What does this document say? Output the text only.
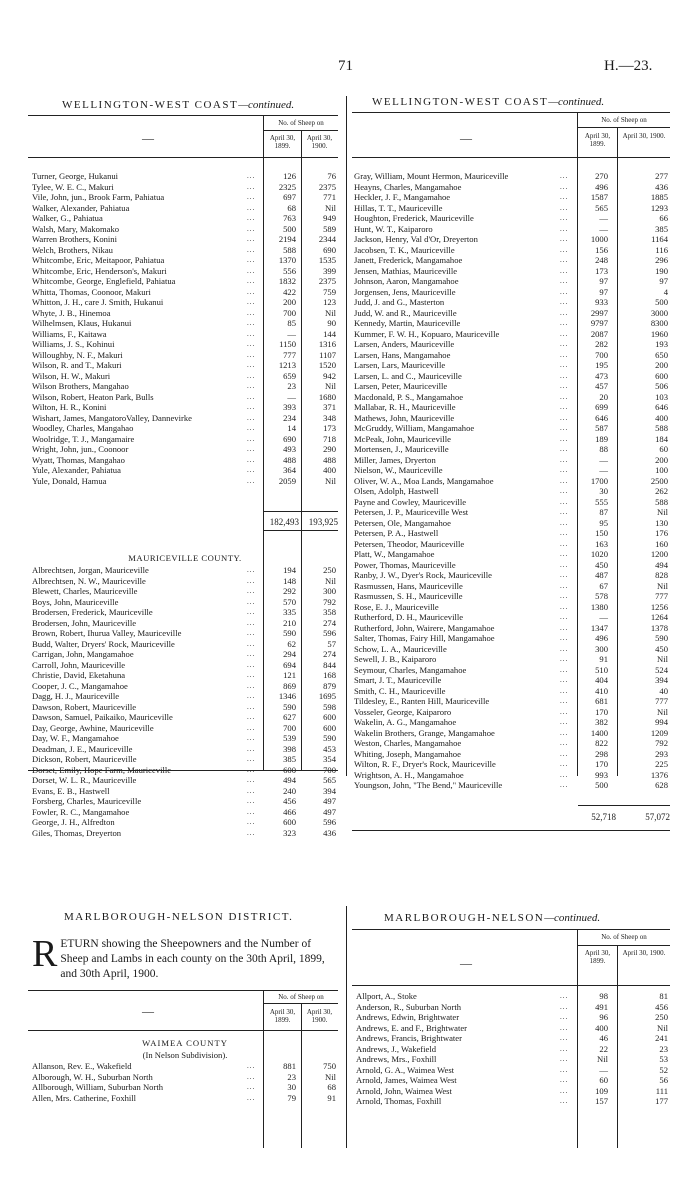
71	H.—23.
WELLINGTON-WEST COAST—continued.
No. of Sheep on
April 30, 1899.
April 30, 1900.
—
Turner, George, Hukanui	...	126	76
Tylee, W. E. C., Makuri	...	2325	2375
Vile, John, jun., Brook Farm, Pahiatua	...	697	771
Walker, Alexander, Pahiatua	...	68	Nil
Walker, G., Pahiatua	...	763	949
Walsh, Mary, Makomako	...	500	589
Warren Brothers, Konini	...	2194	2344
Welch, Brothers, Nikau	...	588	690
Whitcombe, Eric, Meitapoor, Pahiatua	...	1370	1535
Whitcombe, Eric, Henderson's, Makuri	...	556	399
Whitcombe, George, Englefield, Pahiatua	...	1832	2375
Whitta, Thomas, Coonoor, Makuri	...	422	759
Whitton, J. H., care J. Smith, Hukanui	...	200	123
Whyte, J. B., Hinemoa	...	700	Nil
Wilhelmsen, Klaus, Hukanui	...	85	90
Williams, F., Kaitawa	...	—	144
Williams, J. S., Kohinui	...	1150	1316
Willoughby, N. F., Makuri	...	777	1107
Wilson, R. and T., Makuri	...	1213	1520
Wilson, H. W., Makuri	...	659	942
Wilson Brothers, Mangahao	...	23	Nil
Wilson, Robert, Heaton Park, Bulls	...	—	1680
Wilton, H. R., Konini	...	393	371
Wishart, James, MangatoroValley, Dannevirke	...	234	348
Woodley, Charles, Mangahao	...	14	173
Woolridge, T. J., Mangamaire	...	690	718
Wright, John, jun., Coonoor	...	493	290
Wyatt, Thomas, Mangahao	...	488	488
Yule, Alexander, Pahiatua	...	364	400
Yule, Donald, Hamua	...	2059	Nil
182,493	193,925
MAURICEVILLE COUNTY.
Albrechtsen, Jorgan, Mauriceville	...	194	250
Albrechtsen, N. W., Mauriceville	...	148	Nil
Blewett, Charles, Mauriceville	...	292	300
Boys, John, Mauriceville	...	570	792
Brodersen, Frederick, Mauriceville	...	335	358
Brodersen, John, Mauriceville	...	210	274
Brown, Robert, Ihurua Valley, Mauriceville	...	590	596
Budd, Walter, Dryers' Rock, Mauriceville	...	62	57
Carrigan, John, Mangamahoe	...	294	274
Carroll, John, Mauriceville	...	694	844
Christie, David, Eketahuna	...	121	168
Cooper, J. C., Mangamahoe	...	869	879
Dagg, H. J., Mauriceville	...	1346	1695
Dawson, Robert, Mauriceville	...	590	598
Dawson, Samuel, Paikaiko, Mauriceville	...	627	600
Day, George, Awhine, Mauriceville	...	700	600
Day, W. F., Mangamahoe	...	539	590
Deadman, J. E., Mauriceville	...	398	453
Dickson, Robert, Mauriceville	...	385	354
Dorset, Emily, Hope Farm, Mauriceville	...	600	700
Dorset, W. L. R., Mauriceville	...	494	565
Evans, E. B., Hastwell	...	240	394
Forsberg, Charles, Mauriceville	...	456	497
Fowler, R. C., Mangamahoe	...	466	497
George, J. H., Alfredton	...	600	596
Giles, Thomas, Dreyerton	...	323	436
WELLINGTON-WEST COAST—continued.
No. of Sheep on
April 30, 1899.
April 30, 1900.
—
Gray, William, Mount Hermon, Mauriceville	...	270	277
Heayns, Charles, Mangamahoe	...	496	436
Heckler, J. F., Mangamahoe	...	1587	1885
Hillas, T. T., Mauriceville	...	565	1293
Houghton, Frederick, Mauriceville	...	—	66
Hunt, W. T., Kaiparoro	...	—	385
Jackson, Henry, Val d'Or, Dreyerton	...	1000	1164
Jacobsen, T. K., Mauriceville	...	156	116
Janett, Frederick, Mangamahoe	...	248	296
Jensen, Mathias, Mauriceville	...	173	190
Johnson, Aaron, Mangamahoe	...	97	97
Jorgensen, Jens, Mauriceville	...	97	4
Judd, J. and G., Masterton	...	933	500
Judd, W. and R., Mauriceville	...	2997	3000
Kennedy, Martin, Mauriceville	...	9797	8300
Kummer, F. W. H., Kopuaro, Mauriceville	...	2087	1960
Larsen, Anders, Mauriceville	...	282	193
Larsen, Hans, Mangamahoe	...	700	650
Larsen, Lars, Mauriceville	...	195	200
Larsen, L. and C., Mauriceville	...	473	600
Larsen, Peter, Mauriceville	...	457	506
Macdonald, P. S., Mangamahoe	...	20	103
Mallabar, R. H., Mauriceville	...	699	646
Mathews, John, Mauriceville	...	646	400
McGruddy, William, Mangamahoe	...	587	588
McPeak, John, Mauriceville	...	189	184
Mortensen, J., Mauriceville	...	88	60
Miller, James, Dryerton	...	—	200
Nielson, W., Mauriceville	...	—	100
Oliver, W. A., Moa Lands, Mangamahoe	...	1700	2500
Olsen, Adolph, Hastwell	...	30	262
Payne and Cowley, Mauriceville	...	555	588
Petersen, J. P., Mauriceville West	...	87	Nil
Petersen, Ole, Mangamahoe	...	95	130
Petersen, P. A., Hastwell	...	150	176
Petersen, Theodor, Mauriceville	...	163	160
Platt, W., Mangamahoe	...	1020	1200
Power, Thomas, Mauriceville	...	450	494
Ranby, J. W., Dyer's Rock, Mauriceville	...	487	828
Rasmussen, Hans, Mauriceville	...	67	Nil
Rasmussen, S. H., Mauriceville	...	578	777
Rose, E. J., Mauriceville	...	1380	1256
Rutherford, D. H., Mauriceville	...	—	1264
Rutherford, John, Wairere, Mangamahoe	...	1347	1378
Salter, Thomas, Fairy Hill, Mangamahoe	...	496	590
Schow, L. A., Mauriceville	...	300	450
Sewell, J. B., Kaiparoro	...	91	Nil
Seymour, Charles, Mangamahoe	...	510	524
Smart, J. T., Mauriceville	...	404	394
Smith, C. H., Mauriceville	...	410	40
Tildesley, E., Ranten Hill, Mauriceville	...	681	777
Vosseler, George, Kaiparoro	...	170	Nil
Wakelin, A. G., Mangamahoe	...	382	994
Wakelin Brothers, Grange, Mangamahoe	...	1400	1209
Weston, Charles, Mangamahoe	...	822	792
Whiting, Joseph, Mangamahoe	...	298	293
Wilton, R. F., Dryer's Rock, Mauriceville	...	170	225
Wrightson, A. H., Mangamahoe	...	993	1376
Youngson, John, "The Bend," Mauriceville	...	500	628
52,718	57,072
MARLBOROUGH-NELSON DISTRICT.
RETURN showing the Sheepowners and the Number of Sheep and Lambs in each county on the 30th April, 1899, and 30th April, 1900.
No. of Sheep on
April 30, 1899.
April 30, 1900.
—
WAIMEA COUNTY
(In Nelson Subdivision).
Allanson, Rev. E., Wakefield	...	881	750
Alborough, W. H., Suburban North	...	23	Nil
Allborough, William, Suburban North	...	30	68
Allen, Mrs. Catherine, Foxhill	...	79	91
MARLBOROUGH-NELSON—continued.
No. of Sheep on
April 30, 1899.
April 30, 1900.
—
Allport, A., Stoke	...	98	81
Anderson, R., Suburban North	...	491	456
Andrews, Edwin, Brightwater	...	96	250
Andrews, E. and F., Brightwater	...	400	Nil
Andrews, Francis, Brightwater	...	46	241
Andrews, J., Wakefield	...	22	23
Andrews, Mrs., Foxhill	...	Nil	53
Arnold, G. A., Waimea West	...	—	52
Arnold, James, Waimea West	...	60	56
Arnold, John, Waimea West	...	109	111
Arnold, Thomas, Foxhill	...	157	177
